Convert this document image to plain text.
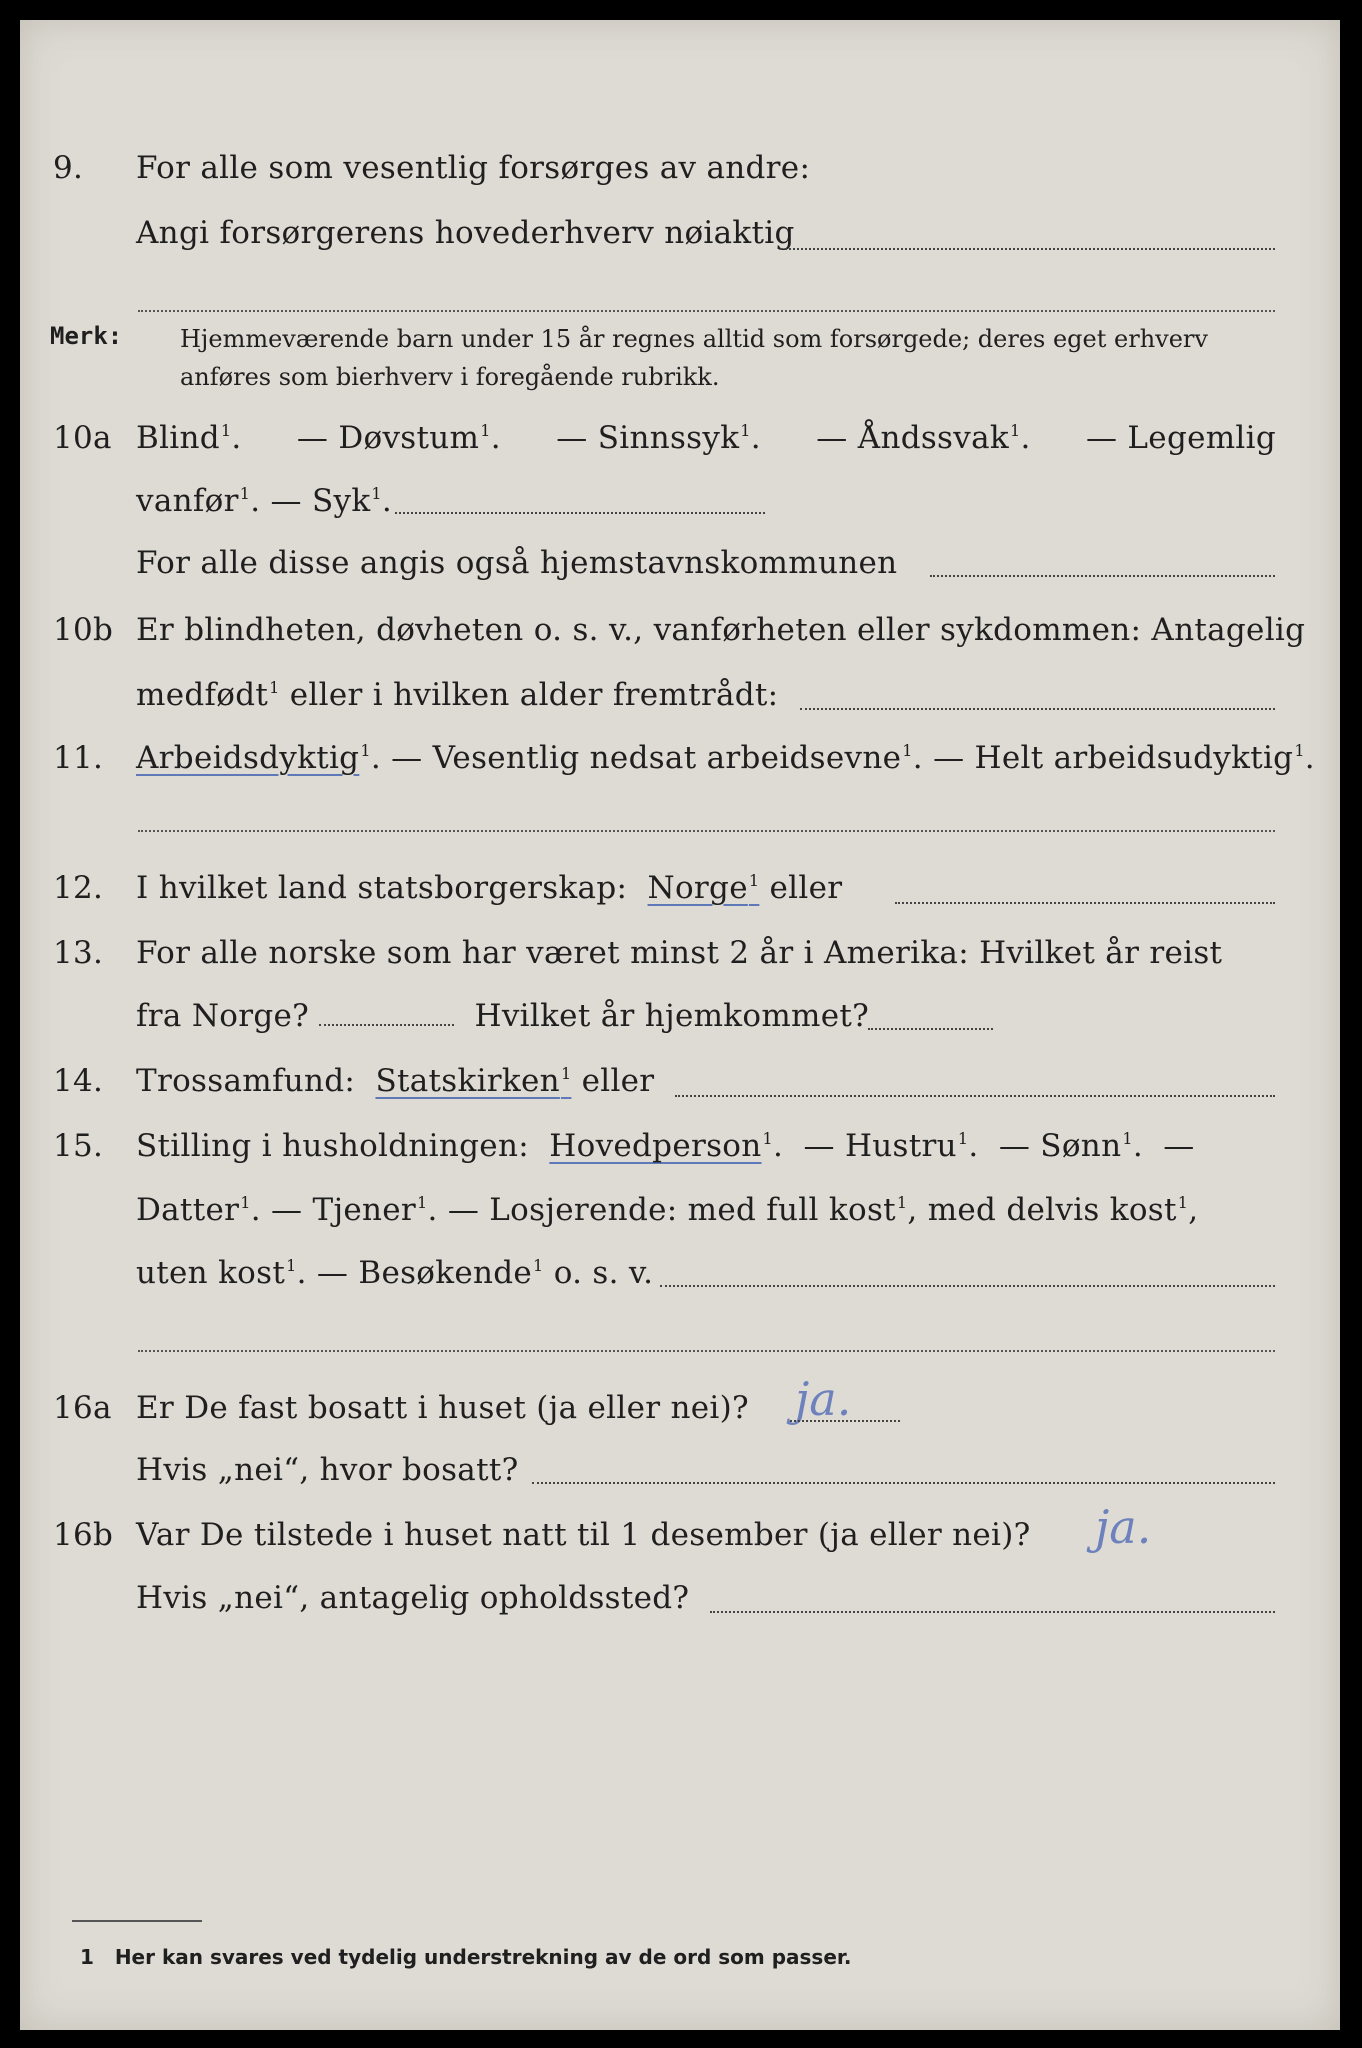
9. For alle som vesentlig forsørges av andre:
Angi forsørgerens hovederhverv nøiaktig
Merk: Hjemmeværende barn under 15 år regnes alltid som forsørgede; deres eget erhverv anføres som bierhverv i foregående rubrikk.
10a Blind$^1$. — Døvstum$^1$. — Sinnssyk$^1$. — Åndssvak$^1$. — Legemlig
vanfør$^1$. — Syk$^1$.
For alle disse angis også hjemstavnskommunen
10b Er blindheten, døvheten o. s. v., vanførheten eller sykdommen: Antagelig
medfødt$^1$ eller i hvilken alder fremtrådt:
11. Arbeidsdyktig$^1$. — Vesentlig nedsat arbeidsevne$^1$. — Helt arbeidsudyktig$^1$.
12. I hvilket land statsborgerskap: Norge$^1$ eller
13. For alle norske som har været minst 2 år i Amerika: Hvilket år reist
fra Norge?	Hvilket år hjemkommet?
14. Trossamfund: Statskirken$^1$ eller
15. Stilling i husholdningen: Hovedperson$^1$.  — Hustru$^1$.  — Sønn$^1$.  —
Datter$^1$. — Tjener$^1$. — Losjerende: med full kost$^1$, med delvis kost$^1$,
uten kost$^1$. — Besøkende$^1$ o. s. v.
16a Er De fast bosatt i huset (ja eller nei)? ja.
Hvis „nei“, hvor bosatt?
16b Var De tilstede i huset natt til 1 desember (ja eller nei)? ja.
Hvis „nei“, antagelig opholdssted?
1 Her kan svares ved tydelig understrekning av de ord som passer.
